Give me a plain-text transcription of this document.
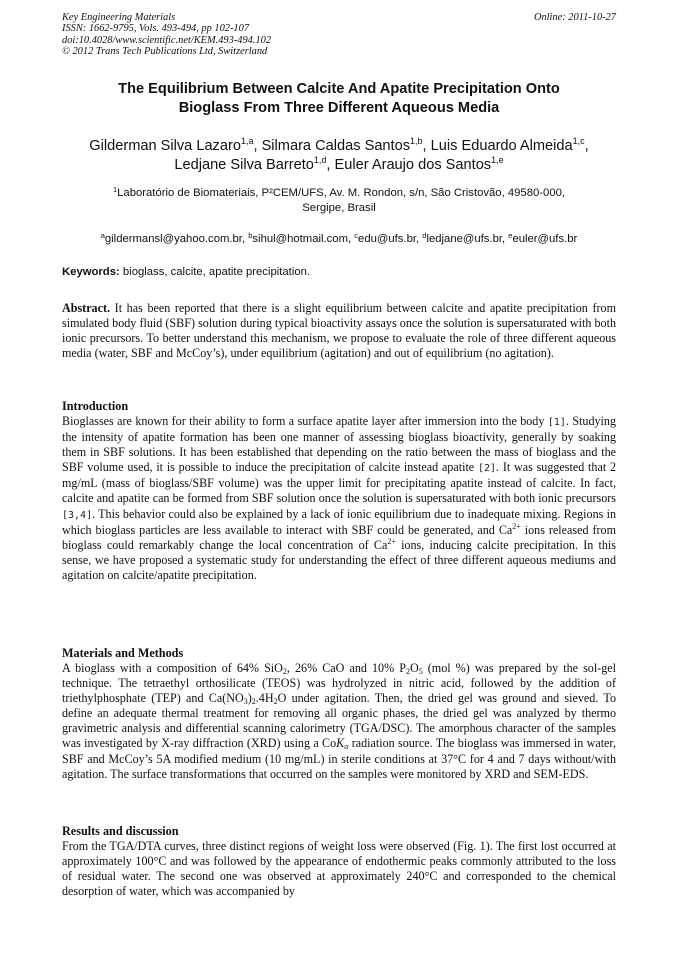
Key Engineering Materials
ISSN: 1662-9795, Vols. 493-494, pp 102-107
doi:10.4028/www.scientific.net/KEM.493-494.102
© 2012 Trans Tech Publications Ltd, Switzerland
Online: 2011-10-27
The Equilibrium Between Calcite And Apatite Precipitation Onto
Bioglass From Three Different Aqueous Media
Gilderman Silva Lazaro$^{1,a}$, Silmara Caldas Santos$^{1,b}$, Luis Eduardo Almeida$^{1,c}$,
Ledjane Silva Barreto$^{1,d}$, Euler Araujo dos Santos$^{1,e}$
$^1$Laboratório de Biomateriais, P²CEM/UFS, Av. M. Rondon, s/n, São Cristovão, 49580-000,
Sergipe, Brasil
$^a$gildermansl@yahoo.com.br, $^b$sihul@hotmail.com, $^c$edu@ufs.br, $^d$ledjane@ufs.br, $^e$euler@ufs.br
Keywords: bioglass, calcite, apatite precipitation.
Abstract. It has been reported that there is a slight equilibrium between calcite and apatite precipitation from simulated body fluid (SBF) solution during typical bioactivity assays once the solution is supersaturated with both ionic precursors. To better understand this mechanism, we propose to evaluate the role of three different aqueous media (water, SBF and McCoy’s), under equilibrium (agitation) and out of equilibrium (no agitation).
Introduction
Bioglasses are known for their ability to form a surface apatite layer after immersion into the body [1]. Studying the intensity of apatite formation has been one manner of assessing bioglass bioactivity, generally by soaking them in SBF solutions. It has been established that depending on the ratio between the mass of bioglass and the SBF volume used, it is possible to induce the precipitation of calcite instead apatite [2]. It was suggested that 2 mg/mL (mass of bioglass/SBF volume) was the upper limit for precipitating apatite instead of calcite. In fact, calcite and apatite can be formed from SBF solution once the solution is supersaturated with both ionic precursors [3,4]. This behavior could also be explained by a lack of ionic equilibrium due to inadequate mixing. Regions in which bioglass particles are less available to interact with SBF could be generated, and $Ca^{2+}$ ions released from bioglass could remarkably change the local concentration of $Ca^{2+}$ ions, inducing calcite precipitation. In this sense, we have proposed a systematic study for understanding the effect of three different aqueous mediums and agitation on calcite/apatite precipitation.
Materials and Methods
A bioglass with a composition of 64% SiO$_2$, 26% CaO and 10% $P_2O_5$ (mol %) was prepared by the sol-gel technique. The tetraethyl orthosilicate (TEOS) was hydrolyzed in nitric acid, followed by the addition of triethylphosphate (TEP) and $Ca(NO_3)_2.4H_2O$ under agitation. Then, the dried gel was ground and sieved. To define an adequate thermal treatment for removing all organic phases, the dried gel was analyzed by thermo gravimetric analysis and differential scanning calorimetry (TGA/DSC). The amorphous character of the samples was investigated by X-ray diffraction (XRD) using a CoK$_\alpha$ radiation source. The bioglass was immersed in water, SBF and McCoy’s 5A modified medium (10 mg/mL) in sterile conditions at 37°C for 4 and 7 days without/with agitation. The surface transformations that occurred on the samples were monitored by XRD and SEM-EDS.
Results and discussion
From the TGA/DTA curves, three distinct regions of weight loss were observed (Fig. 1). The first lost occurred at approximately 100°C and was followed by the appearance of endothermic peaks commonly attributed to the loss of residual water. The second one was observed at approximately 240°C and corresponded to the chemical desorption of water, which was accompanied by
